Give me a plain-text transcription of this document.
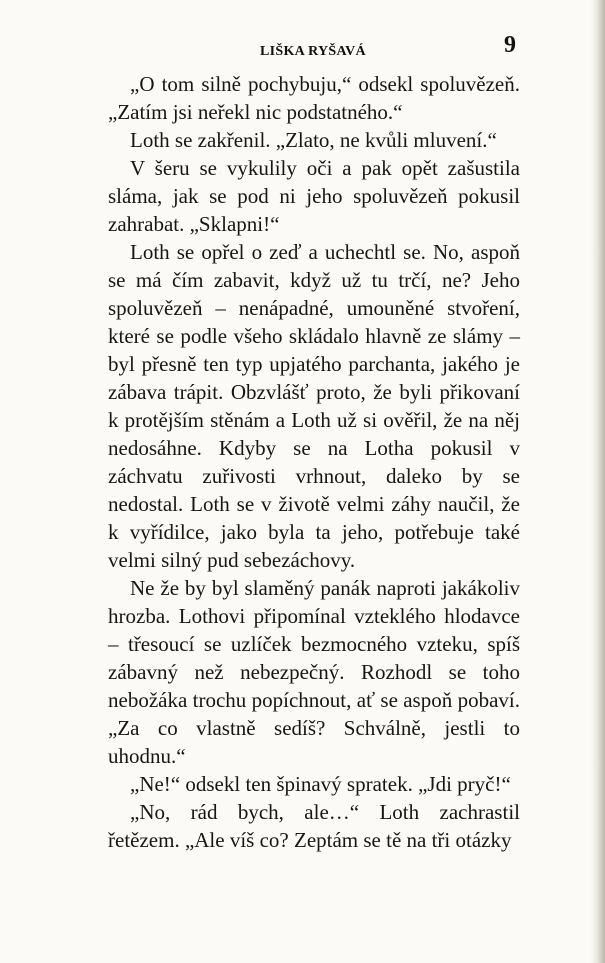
LIŠKA RYŠAVÁ	9

„O tom silně pochybuju,“ odsekl spoluvězeň. „Zatím jsi neřekl nic podstatného.“

Loth se zakřenil. „Zlato, ne kvůli mluvení.“

V šeru se vykulily oči a pak opět zašustila sláma, jak se pod ni jeho spoluvězeň pokusil zahrabat. „Sklapni!“

Loth se opřel o zeď a uchechtl se. No, aspoň se má čím zabavit, když už tu trčí, ne? Jeho spoluvězeň – nenápadné, umouněné stvoření, které se podle všeho skládalo hlavně ze slámy – byl přesně ten typ upjatého parchanta, jakého je zábava trápit. Obzvlášť proto, že byli přikovaní k protějším stěnám a Loth už si ověřil, že na něj nedosáhne. Kdyby se na Lotha pokusil v záchvatu zuřivosti vrhnout, daleko by se nedostal. Loth se v životě velmi záhy naučil, že k vyřídilce, jako byla ta jeho, potřebuje také velmi silný pud sebezáchovy.

Ne že by byl slaměný panák naproti jakákoliv hrozba. Lothovi připomínal vzteklého hlodavce – třesoucí se uzlíček bezmocného vzteku, spíš zábavný než nebezpečný. Rozhodl se toho nebožáka trochu popíchnout, ať se aspoň pobaví. „Za co vlastně sedíš? Schválně, jestli to uhodnu.“

„Ne!“ odsekl ten špinavý spratek. „Jdi pryč!“

„No, rád bych, ale…“ Loth zachrastil řetězem. „Ale víš co? Zeptám se tě na tři otázky
